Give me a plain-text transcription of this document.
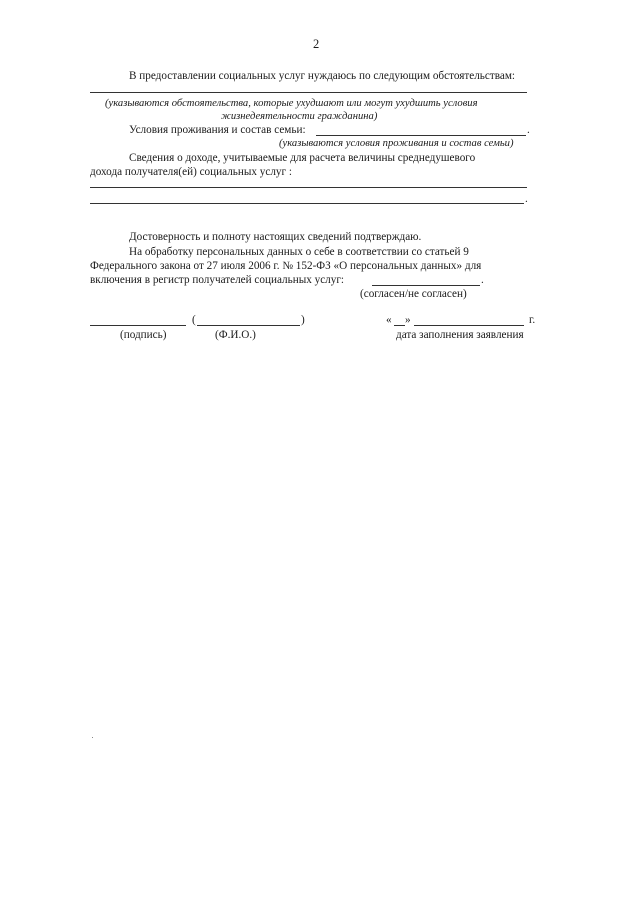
2
В предоставлении социальных услуг нуждаюсь по следующим обстоятельствам:
(указываются обстоятельства, которые ухудшают или могут ухудшить условия
жизнедеятельности гражданина)
Условия проживания и состав семьи:	.
(указываются условия проживания и состав семьи)
Сведения о доходе, учитываемые для расчета величины среднедушевого
дохода получателя(ей) социальных услуг :
.
Достоверность и полноту настоящих сведений подтверждаю.
На обработку персональных данных о себе в соответствии со статьей 9
Федерального закона от 27 июля 2006 г. № 152-ФЗ «О персональных данных» для
включения в регистр получателей социальных услуг:	.
(согласен/не согласен)
(	)
(подпись)	(Ф.И.О.)
« »	г.
дата заполнения заявления
